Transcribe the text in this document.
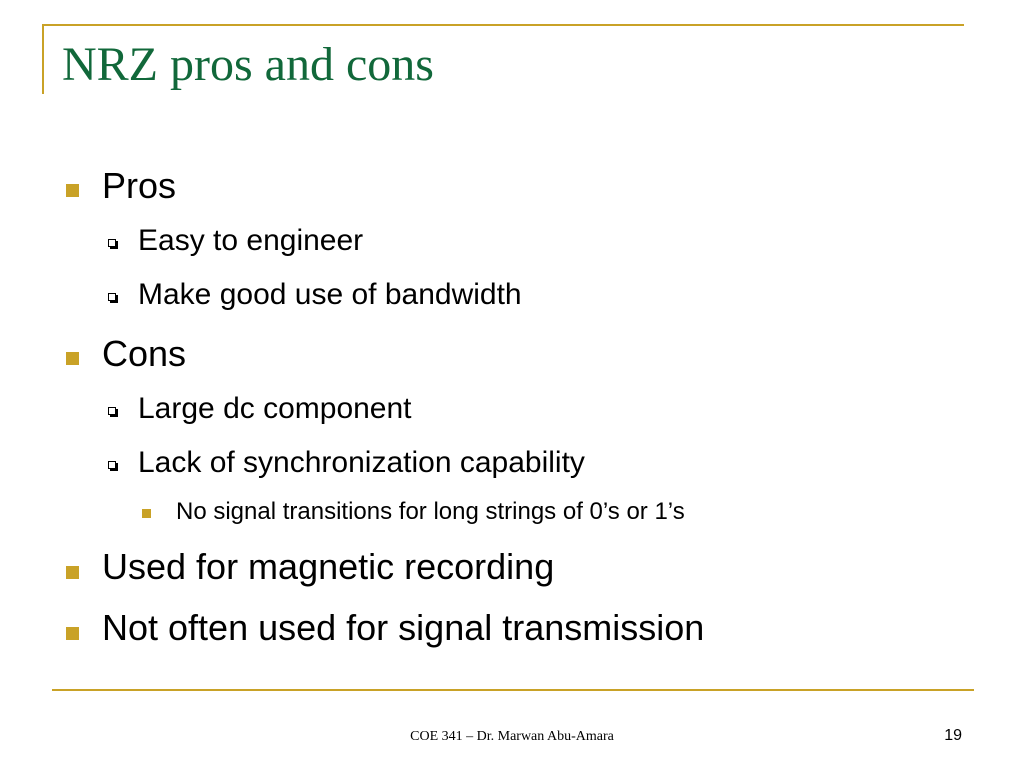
NRZ pros and cons
Pros
Easy to engineer
Make good use of bandwidth
Cons
Large dc component
Lack of synchronization capability
No signal transitions for long strings of 0’s or 1’s
Used for magnetic recording
Not often used for signal transmission
COE 341 – Dr. Marwan Abu-Amara	19
